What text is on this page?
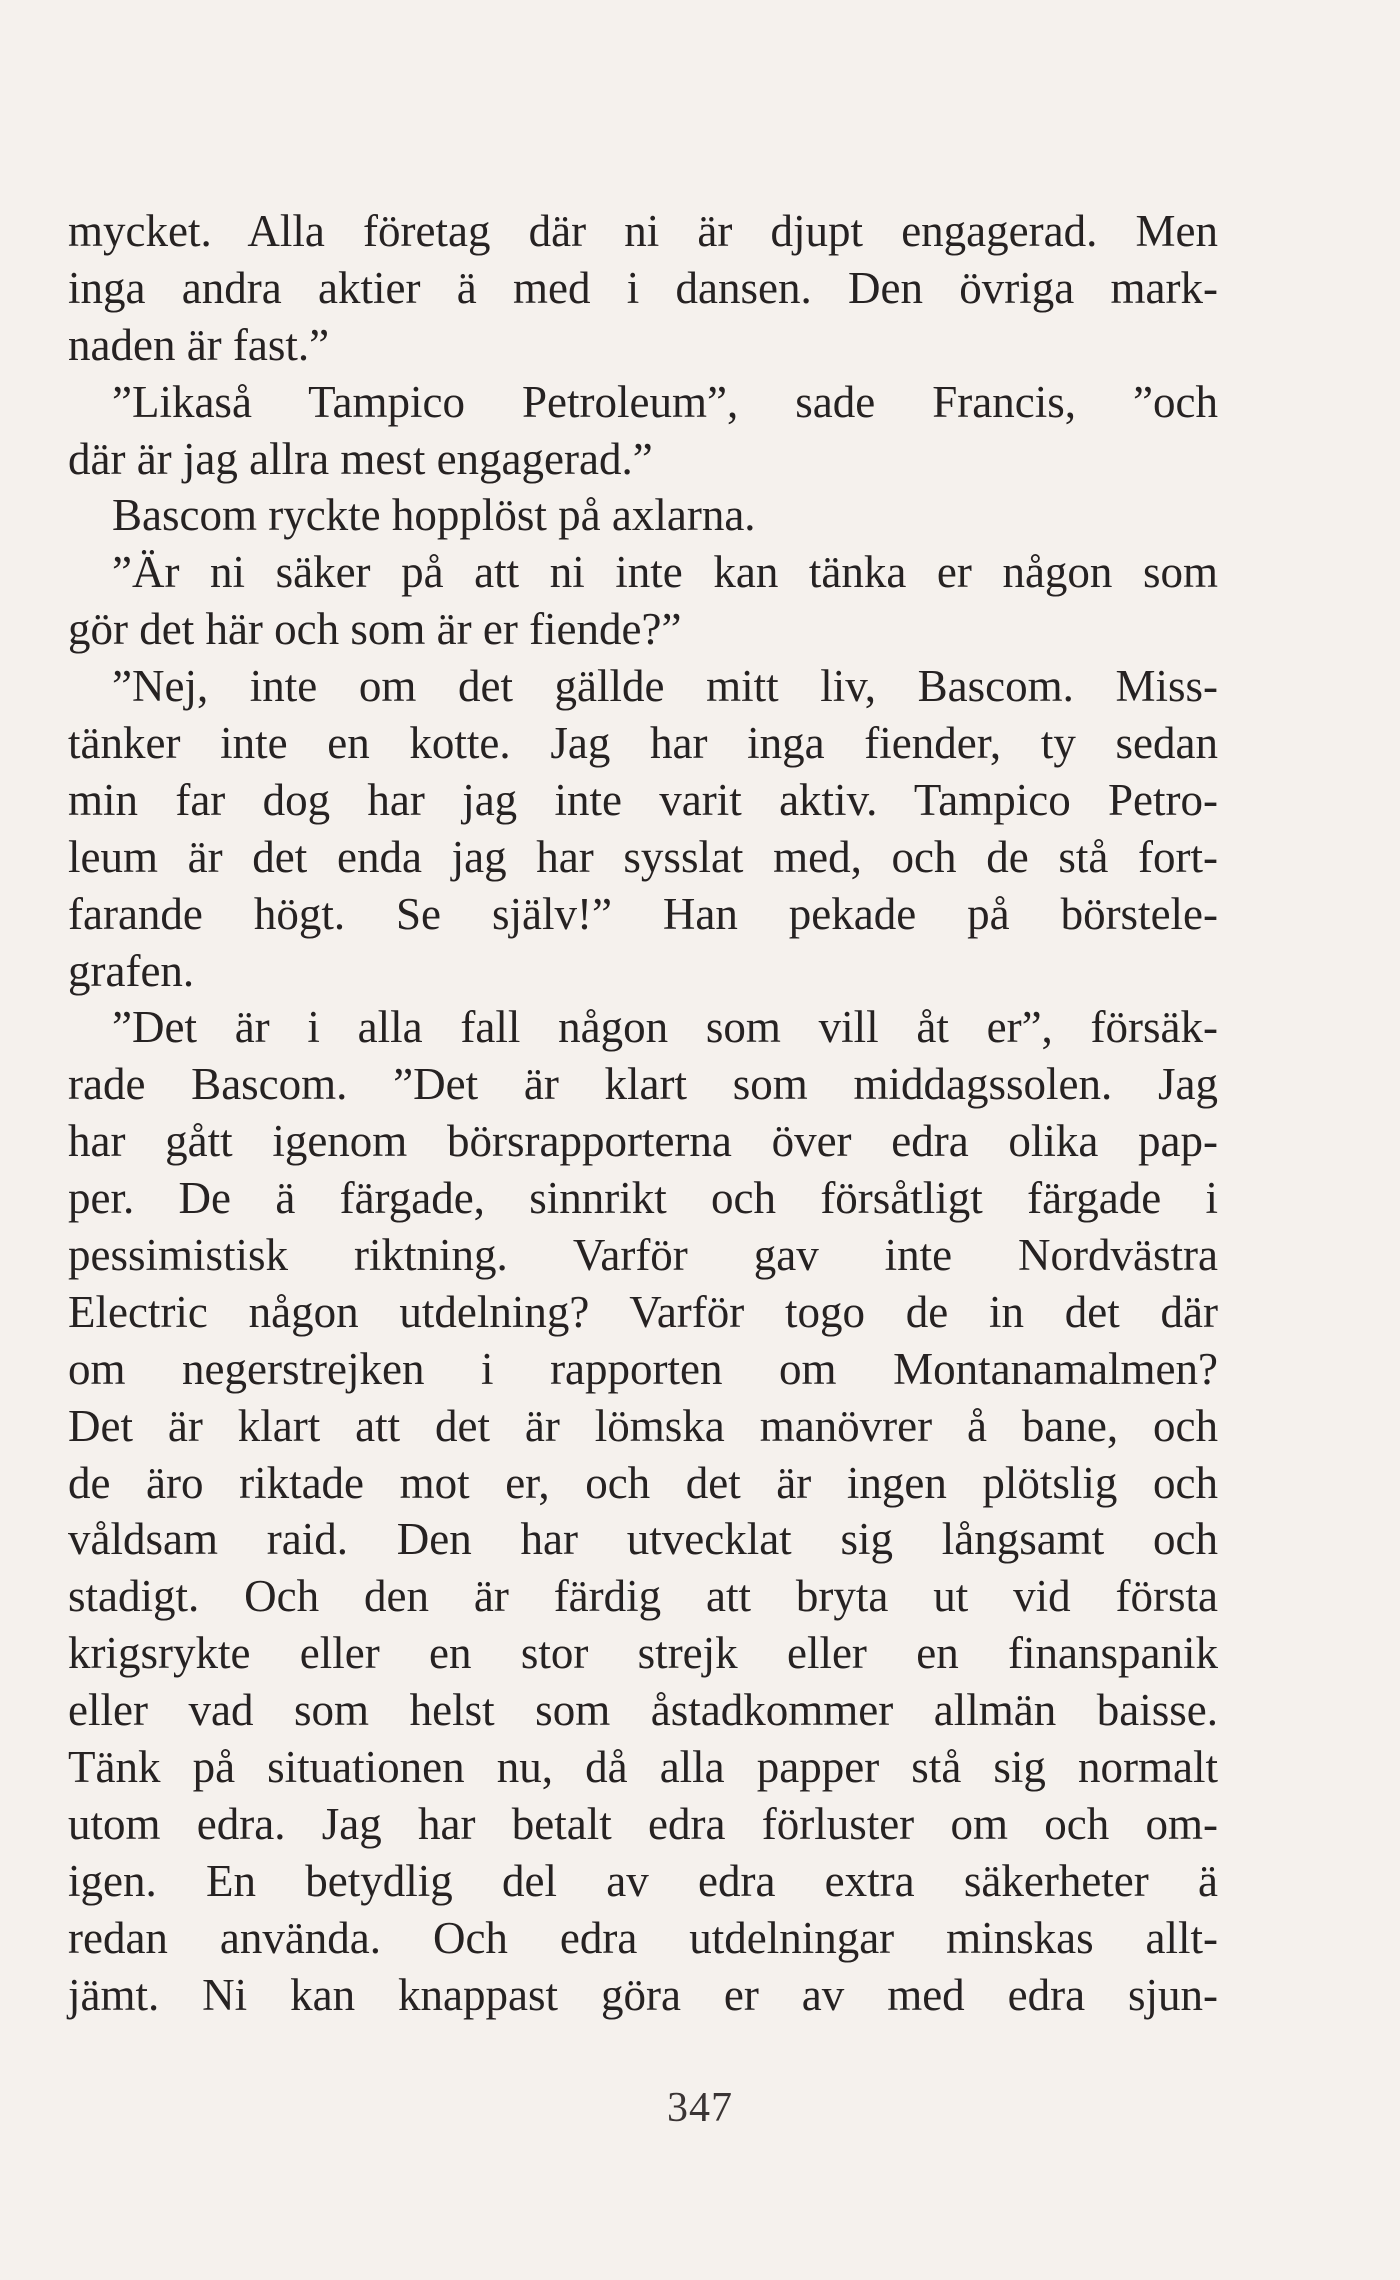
mycket. Alla företag där ni är djupt engagerad. Men
inga andra aktier ä med i dansen. Den övriga mark-
naden är fast.”
”Likaså Tampico Petroleum”, sade Francis, ”och
där är jag allra mest engagerad.”
Bascom ryckte hopplöst på axlarna.
”Är ni säker på att ni inte kan tänka er någon som
gör det här och som är er fiende?”
”Nej, inte om det gällde mitt liv, Bascom. Miss-
tänker inte en kotte. Jag har inga fiender, ty sedan
min far dog har jag inte varit aktiv. Tampico Petro-
leum är det enda jag har sysslat med, och de stå fort-
farande högt. Se själv!” Han pekade på börstele-
grafen.
”Det är i alla fall någon som vill åt er”, försäk-
rade Bascom. ”Det är klart som middagssolen. Jag
har gått igenom börsrapporterna över edra olika pap-
per. De ä färgade, sinnrikt och försåtligt färgade i
pessimistisk riktning. Varför gav inte Nordvästra
Electric någon utdelning? Varför togo de in det där
om negerstrejken i rapporten om Montanamalmen?
Det är klart att det är lömska manövrer å bane, och
de äro riktade mot er, och det är ingen plötslig och
våldsam raid. Den har utvecklat sig långsamt och
stadigt. Och den är färdig att bryta ut vid första
krigsrykte eller en stor strejk eller en finanspanik
eller vad som helst som åstadkommer allmän baisse.
Tänk på situationen nu, då alla papper stå sig normalt
utom edra. Jag har betalt edra förluster om och om-
igen. En betydlig del av edra extra säkerheter ä
redan använda. Och edra utdelningar minskas allt-
jämt. Ni kan knappast göra er av med edra sjun-
347
